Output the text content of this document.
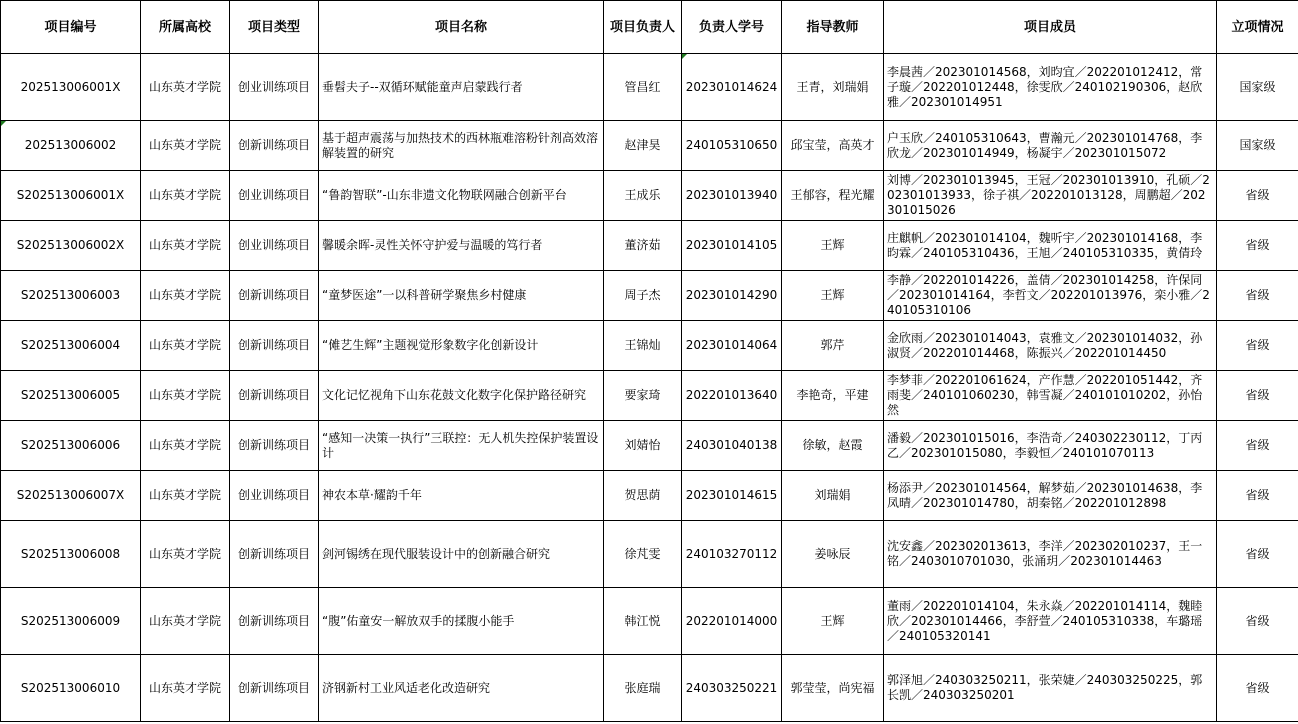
项目编号	所属高校	项目类型	项目名称	项目负责人	负责人学号	指导教师	项目成员	立项情况
202513006001X	山东英才学院	创业训练项目	垂髫夫子--双循环赋能童声启蒙践行者	管昌红	202301014624	王青，刘瑞娟	李晨茜／202301014568，刘昀宜／202201012412，常子璇／202201012448，徐雯欣／240102190306，赵欣雅／202301014951	国家级
202513006002	山东英才学院	创新训练项目	基于超声震荡与加热技术的西林瓶难溶粉针剂高效溶解装置的研究	赵津昊	240105310650	邱宝莹，高英才	户玉欣／240105310643，曹瀚元／202301014768，李欣龙／202301014949，杨凝宇／202301015072	国家级
S202513006001X	山东英才学院	创业训练项目	“鲁韵智联”-山东非遗文化物联网融合创新平台	王成乐	202301013940	王郁容，程光耀	刘博／202301013945，王冠／202301013910，孔硕／202301013933，徐子祺／202201013128，周鹏超／202301015026	省级
S202513006002X	山东英才学院	创业训练项目	馨暖余晖-灵性关怀守护爱与温暖的笃行者	董济茹	202301014105	王辉	庄麒帆／202301014104，魏听宇／202301014168，李昀霖／240105310436，王旭／240105310335，黄倩玲	省级
S202513006003	山东英才学院	创新训练项目	“童梦医途”一以科普研学聚焦乡村健康	周子杰	202301014290	王辉	李静／202201014226，盖倩／202301014258，许保同／202301014164，李哲文／202201013976，栾小雅／240105310106	省级
S202513006004	山东英才学院	创新训练项目	“傩艺生辉”主题视觉形象数字化创新设计	王锦灿	202301014064	郭芹	金欣雨／202301014043，袁雅文／202301014032，孙淑贤／202201014468，陈振兴／202201014450	省级
S202513006005	山东英才学院	创新训练项目	文化记忆视角下山东花鼓文化数字化保护路径研究	要家琦	202201013640	李艳奇，平建	李梦菲／202201061624，产作慧／202201051442，齐雨斐／240101060230，韩雪凝／240101010202，孙怡然	省级
S202513006006	山东英才学院	创新训练项目	“感知一决策一执行”三联控：无人机失控保护装置设计	刘婧怡	240301040138	徐敏，赵霞	潘毅／202301015016，李浩奇／240302230112，丁丙乙／202301015080，李毅恒／240101070113	省级
S202513006007X	山东英才学院	创业训练项目	神农本草·耀韵千年	贺思荫	202301014615	刘瑞娟	杨添尹／202301014564，解梦茹／202301014638，李凤晴／202301014780，胡秦铭／202201012898	省级
S202513006008	山东英才学院	创新训练项目	剑河锡绣在现代服装设计中的创新融合研究	徐芃雯	240103270112	姜咏辰	沈安鑫／202302013613，李洋／202302010237，王一铭／2403010701030，张涌玥／202301014463	省级
S202513006009	山东英才学院	创新训练项目	“腹”佑童安一解放双手的揉腹小能手	韩江悦	202201014000	王辉	董雨／202201014104，朱永焱／202201014114，魏睦欣／202301014466，李舒萱／240105310338，车璐瑶／240105320141	省级
S202513006010	山东英才学院	创新训练项目	济钢新村工业风适老化改造研究	张庭瑞	240303250221	郭莹莹，尚宪福	郭泽旭／240303250211，张荣婕／240303250225，郭长凯／240303250201	省级
